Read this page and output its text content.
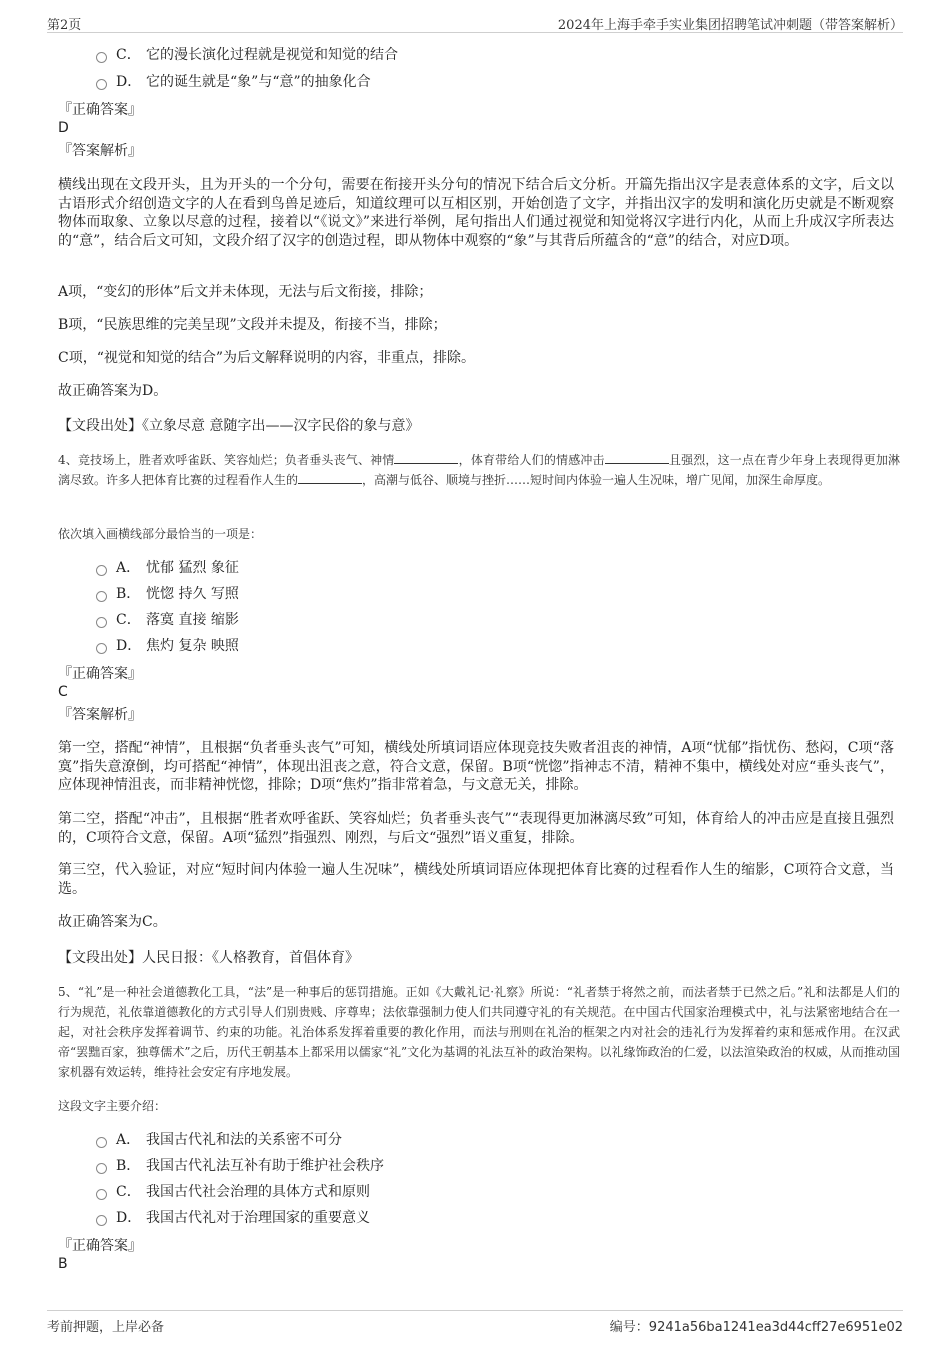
第2页	2024年上海手牵手实业集团招聘笔试冲刺题（带答案解析）
C． 它的漫长演化过程就是视觉和知觉的结合
D． 它的诞生就是“象”与“意”的抽象化合
『正确答案』
D
『答案解析』
横线出现在文段开头，且为开头的一个分句，需要在衔接开头分句的情况下结合后文分析。开篇先指出汉字是表意体系的文字，后文以古语形式介绍创造文字的人在看到鸟兽足迹后，知道纹理可以互相区别，开始创造了文字，并指出汉字的发明和演化历史就是不断观察物体而取象、立象以尽意的过程，接着以“《说文》”来进行举例，尾句指出人们通过视觉和知觉将汉字进行内化，从而上升成汉字所表达的“意”，结合后文可知，文段介绍了汉字的创造过程，即从物体中观察的“象”与其背后所蕴含的“意”的结合，对应D项。
A项，“变幻的形体”后文并未体现，无法与后文衔接，排除；
B项，“民族思维的完美呈现”文段并未提及，衔接不当，排除；
C项，“视觉和知觉的结合”为后文解释说明的内容，非重点，排除。
故正确答案为D。
【文段出处】《立象尽意 意随字出——汉字民俗的象与意》
4、竞技场上，胜者欢呼雀跃、笑容灿烂；负者垂头丧气、神情	，体育带给人们的情感冲击	且强烈，这一点在青少年身上表现得更加淋漓尽致。许多人把体育比赛的过程看作人生的	，高潮与低谷、顺境与挫折……短时间内体验一遍人生况味，增广见闻，加深生命厚度。
依次填入画横线部分最恰当的一项是：
A． 忧郁 猛烈 象征
B． 恍惚 持久 写照
C． 落寞 直接 缩影
D． 焦灼 复杂 映照
『正确答案』
C
『答案解析』
第一空，搭配“神情”，且根据“负者垂头丧气”可知，横线处所填词语应体现竞技失败者沮丧的神情，A项“忧郁”指忧伤、愁闷，C项“落寞”指失意潦倒，均可搭配“神情”，体现出沮丧之意，符合文意，保留。B项“恍惚”指神志不清，精神不集中，横线处对应“垂头丧气”，应体现神情沮丧，而非精神恍惚，排除；D项“焦灼”指非常着急，与文意无关，排除。
第二空，搭配“冲击”，且根据“胜者欢呼雀跃、笑容灿烂；负者垂头丧气”“表现得更加淋漓尽致”可知，体育给人的冲击应是直接且强烈的，C项符合文意，保留。A项“猛烈”指强烈、刚烈，与后文“强烈”语义重复，排除。
第三空，代入验证，对应“短时间内体验一遍人生况味”，横线处所填词语应体现把体育比赛的过程看作人生的缩影，C项符合文意，当选。
故正确答案为C。
【文段出处】人民日报：《人格教育，首倡体育》
5、“礼”是一种社会道德教化工具，“法”是一种事后的惩罚措施。正如《大戴礼记·礼察》所说：“礼者禁于将然之前，而法者禁于已然之后。”礼和法都是人们的行为规范，礼依靠道德教化的方式引导人们别贵贱、序尊卑；法依靠强制力使人们共同遵守礼的有关规范。在中国古代国家治理模式中，礼与法紧密地结合在一起，对社会秩序发挥着调节、约束的功能。礼治体系发挥着重要的教化作用，而法与刑则在礼治的框架之内对社会的违礼行为发挥着约束和惩戒作用。在汉武帝“罢黜百家，独尊儒术”之后，历代王朝基本上都采用以儒家“礼”文化为基调的礼法互补的政治架构。以礼缘饰政治的仁爱，以法渲染政治的权威，从而推动国家机器有效运转，维持社会安定有序地发展。
这段文字主要介绍：
A． 我国古代礼和法的关系密不可分
B． 我国古代礼法互补有助于维护社会秩序
C． 我国古代社会治理的具体方式和原则
D． 我国古代礼对于治理国家的重要意义
『正确答案』
B
考前押题，上岸必备	编号：9241a56ba1241ea3d44cff27e6951e02
